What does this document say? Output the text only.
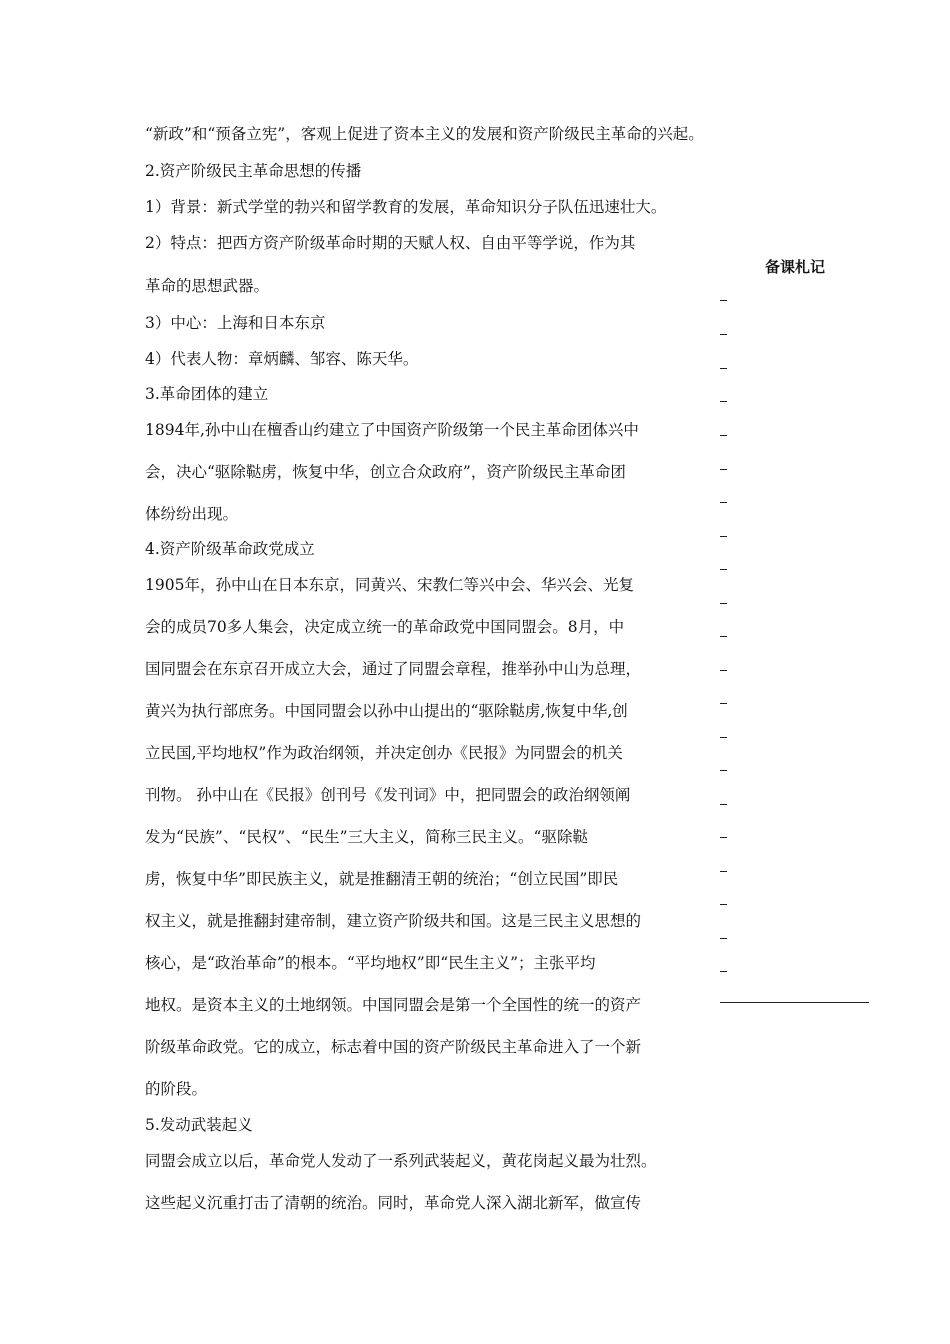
“新政”和“预备立宪”，客观上促进了资本主义的发展和资产阶级民主革命的兴起。
2.资产阶级民主革命思想的传播
1）背景：新式学堂的勃兴和留学教育的发展，革命知识分子队伍迅速壮大。
2）特点：把西方资产阶级革命时期的天赋人权、自由平等学说，作为其
革命的思想武器。
3）中心：上海和日本东京
4）代表人物：章炳麟、邹容、陈天华。
3.革命团体的建立
1894年,孙中山在檀香山约建立了中国资产阶级第一个民主革命团体兴中
会，决心“驱除鞑虏，恢复中华，创立合众政府”，资产阶级民主革命团
体纷纷出现。
4.资产阶级革命政党成立
1905年，孙中山在日本东京，同黄兴、宋教仁等兴中会、华兴会、光复
会的成员70多人集会，决定成立统一的革命政党中国同盟会。8月，中
国同盟会在东京召开成立大会，通过了同盟会章程，推举孙中山为总理，
黄兴为执行部庶务。中国同盟会以孙中山提出的“驱除鞑虏,恢复中华,创
立民国,平均地权”作为政治纲领，并决定创办《民报》为同盟会的机关
刊物。 孙中山在《民报》创刊号《发刊词》中，把同盟会的政治纲领阐
发为“民族”、“民权”、“民生”三大主义，简称三民主义。“驱除鞑
虏，恢复中华”即民族主义，就是推翻清王朝的统治；“创立民国”即民
权主义，就是推翻封建帝制，建立资产阶级共和国。这是三民主义思想的
核心，是“政治革命”的根本。“平均地权”即“民生主义”；主张平均
地权。是资本主义的土地纲领。中国同盟会是第一个全国性的统一的资产
阶级革命政党。它的成立，标志着中国的资产阶级民主革命进入了一个新
的阶段。
5.发动武装起义
同盟会成立以后，革命党人发动了一系列武装起义，黄花岗起义最为壮烈。
这些起义沉重打击了清朝的统治。同时，革命党人深入湖北新军，做宣传
备课札记
